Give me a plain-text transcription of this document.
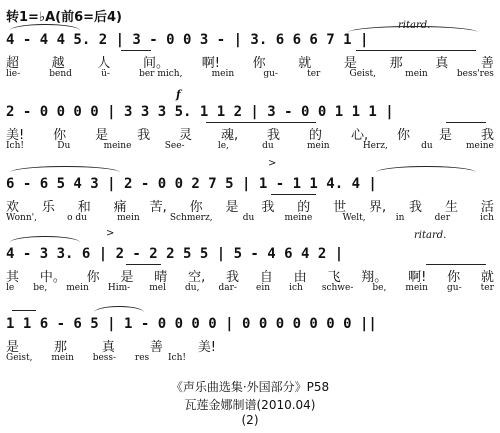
转1=♭A(前6=后4)
ritard.
4 - 4 4 5. 2 | 3 - 0 0 3 - | 3. 6 6 6 7 1 |
超	越	人	间。	啊!	你	就	是	那	真	善
lie-	bend	ü-	ber mich,	mein	gu-	ter	Geist,	mein	bess'res
f
2 - 0 0 0 0 | 3 3 3 5. 1 1 2 | 3 - 0 0 1 1 1 |
美! 你 是 我 灵 魂, 我 的 心, 你 是 我
Ich!	Du	meine	See-	le,	du	mein	Herz,	du	meine
>
6 - 6 5 4 3 | 2 - 0 0 2 7 5 | 1 - 1 1 4. 4 |
欢 乐 和 痛 苦, 你 是 我 的 世 界, 我 生 活
Wonn',	o du	mein	Schmerz,	du	meine	Welt,	in	der	ich
>	ritard.
4 - 3 3. 6 | 2 - 2 2 5 5 | 5 - 4 6 4 2 |
其 中。 你 是 晴 空, 我 自 由 飞 翔。 啊! 你 就
le be, mein Him- mel du, dar- ein ich schwe- be, mein gu- ter
1 1 6 - 6 5 | 1 - 0 0 0 0 | 0 0 0 0 0 0 0 ||
是	那	真	善	美!
Geist, mein bess- res Ich!
《声乐曲选集·外国部分》P58
瓦莲金娜制谱(2010.04)
(2)
